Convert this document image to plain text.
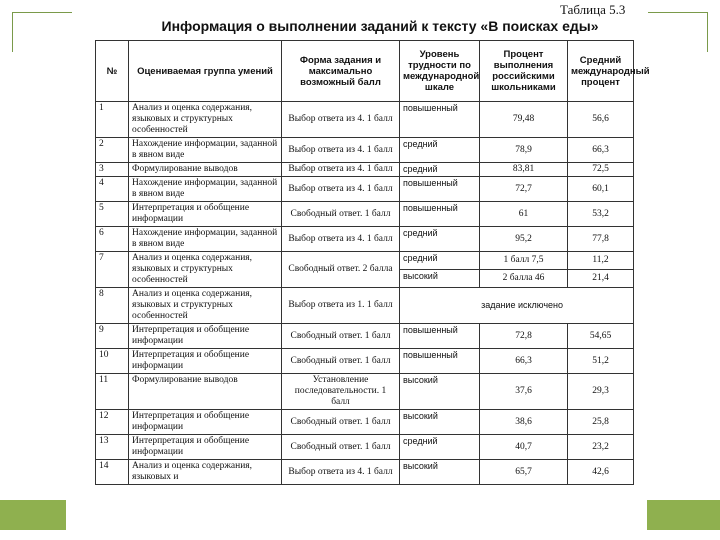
Таблица 5.3
Информация о выполнении заданий к тексту «В поисках еды»
№	Оцениваемая группа умений	Форма задания и максимально возможный балл	Уровень трудности по международной шкале	Процент выполнения российскими школьниками	Средний международный процент
1	Анализ и оценка содержания, языковых и структурных особенностей	Выбор ответа из 4. 1 балл	повышенный	79,48	56,6
2	Нахождение информации, заданной в явном виде	Выбор ответа из 4. 1 балл	средний	78,9	66,3
3	Формулирование выводов	Выбор ответа из 4. 1 балл	средний	83,81	72,5
4	Нахождение информации, заданной в явном виде	Выбор ответа из 4. 1 балл	повышенный	72,7	60,1
5	Интерпретация и обобщение информации	Свободный ответ. 1 балл	повышенный	61	53,2
6	Нахождение информации, заданной в явном виде	Выбор ответа из 4. 1 балл	средний	95,2	77,8
7	Анализ и оценка содержания, языковых и структурных особенностей	Свободный ответ. 2 балла	средний	1 балл 7,5	11,2
			высокий	2 балла 46	21,4
8	Анализ и оценка содержания, языковых и структурных особенностей	Выбор ответа из 1. 1 балл	задание исключено		
9	Интерпретация и обобщение информации	Свободный ответ. 1 балл	повышенный	72,8	54,65
10	Интерпретация и обобщение информации	Свободный ответ. 1 балл	повышенный	66,3	51,2
11	Формулирование выводов	Установление последовательности. 1 балл	высокий	37,6	29,3
12	Интерпретация и обобщение информации	Свободный ответ. 1 балл	высокий	38,6	25,8
13	Интерпретация и обобщение информации	Свободный ответ. 1 балл	средний	40,7	23,2
14	Анализ и оценка содержания, языковых и	Выбор ответа из 4. 1 балл	высокий	65,7	42,6
